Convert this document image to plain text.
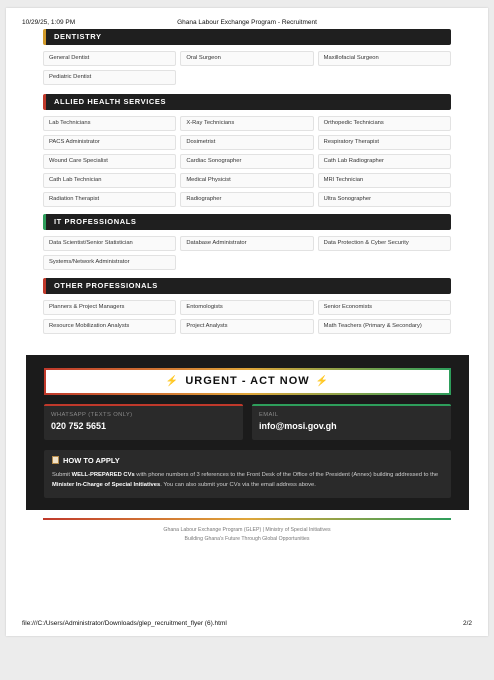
10/29/25, 1:09 PM	Ghana Labour Exchange Program - Recruitment
DENTISTRY
General Dentist	Oral Surgeon	Maxillofacial Surgeon
Pediatric Dentist
ALLIED HEALTH SERVICES
Lab Technicians	X-Ray Technicians	Orthopedic Technicians
PACS Administrator	Dosimetrist	Respiratory Therapist
Wound Care Specialist	Cardiac Sonographer	Cath Lab Radiographer
Cath Lab Technician	Medical Physicist	MRI Technician
Radiation Therapist	Radiographer	Ultra Sonographer
IT PROFESSIONALS
Data Scientist/Senior Statistician	Database Administrator	Data Protection & Cyber Security
Systems/Network Administrator
OTHER PROFESSIONALS
Planners & Project Managers	Entomologists	Senior Economists
Resource Mobilization Analysts	Project Analysts	Math Teachers (Primary & Secondary)
⚡ URGENT - ACT NOW ⚡
WHATSAPP (TEXTS ONLY)
020 752 5651
EMAIL
info@mosi.gov.gh
HOW TO APPLY
Submit WELL-PREPARED CVs with phone numbers of 3 references to the Front Desk of the Office of the President (Annex) building addressed to the Minister In-Charge of Special Initiatives. You can also submit your CVs via the email address above.
Ghana Labour Exchange Program (GLEP) | Ministry of Special Initiatives
Building Ghana's Future Through Global Opportunities
file:///C:/Users/Administrator/Downloads/glep_recruitment_flyer (6).html	2/2
